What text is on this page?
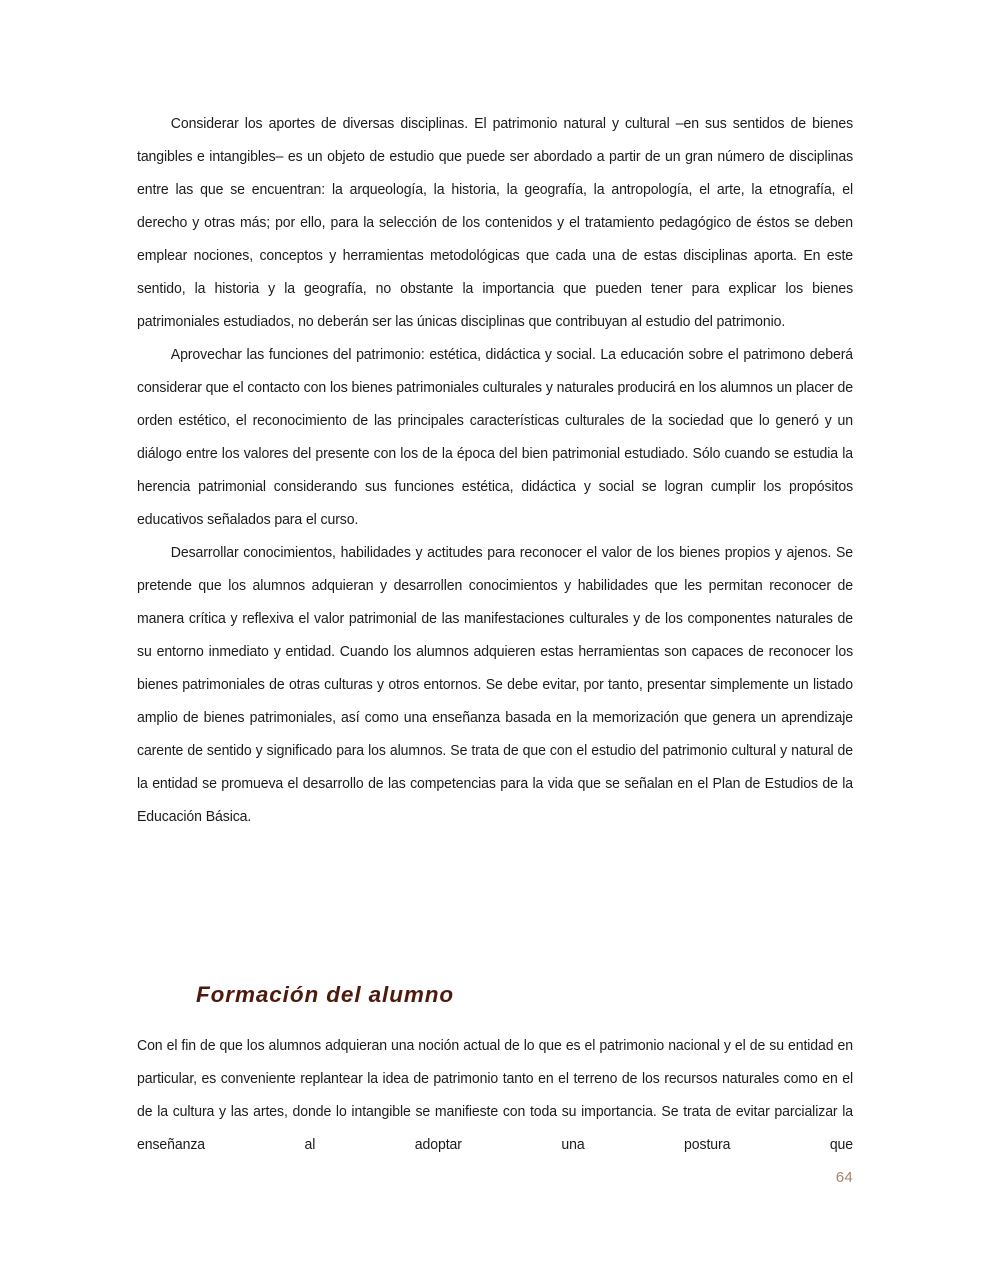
Considerar los aportes de diversas disciplinas. El patrimonio natural y cultural –en sus sentidos de bienes tangibles e intangibles– es un objeto de estudio que puede ser abordado a partir de un gran número de disciplinas entre las que se encuentran: la arqueología, la historia, la geografía, la antropología, el arte, la etnografía, el derecho y otras más; por ello, para la selección de los contenidos y el tratamiento pedagógico de éstos se deben emplear nociones, conceptos y herramientas metodológicas que cada una de estas disciplinas aporta. En este sentido, la historia y la geografía, no obstante la importancia que pueden tener para explicar los bienes patrimoniales estudiados, no deberán ser las únicas disciplinas que contribuyan al estudio del patrimonio.

Aprovechar las funciones del patrimonio: estética, didáctica y social. La educación sobre el patrimono deberá considerar que el contacto con los bienes patrimoniales culturales y naturales producirá en los alumnos un placer de orden estético, el reconocimiento de las principales características culturales de la sociedad que lo generó y un diálogo entre los valores del presente con los de la época del bien patrimonial estudiado. Sólo cuando se estudia la herencia patrimonial considerando sus funciones estética, didáctica y social se logran cumplir los propósitos educativos señalados para el curso.

Desarrollar conocimientos, habilidades y actitudes para reconocer el valor de los bienes propios y ajenos. Se pretende que los alumnos adquieran y desarrollen conocimientos y habilidades que les permitan reconocer de manera crítica y reflexiva el valor patrimonial de las manifestaciones culturales y de los componentes naturales de su entorno inmediato y entidad. Cuando los alumnos adquieren estas herramientas son capaces de reconocer los bienes patrimoniales de otras culturas y otros entornos. Se debe evitar, por tanto, presentar simplemente un listado amplio de bienes patrimoniales, así como una enseñanza basada en la memorización que genera un aprendizaje carente de sentido y significado para los alumnos. Se trata de que con el estudio del patrimonio cultural y natural de la entidad se promueva el desarrollo de las competencias para la vida que se señalan en el Plan de Estudios de la Educación Básica.

Formación del alumno

Con el fin de que los alumnos adquieran una noción actual de lo que es el patrimonio nacional y el de su entidad en particular, es conveniente replantear la idea de patrimonio tanto en el terreno de los recursos naturales como en el de la cultura y las artes, donde lo intangible se manifieste con toda su importancia. Se trata de evitar parcializar la enseñanza al adoptar una postura que

64
